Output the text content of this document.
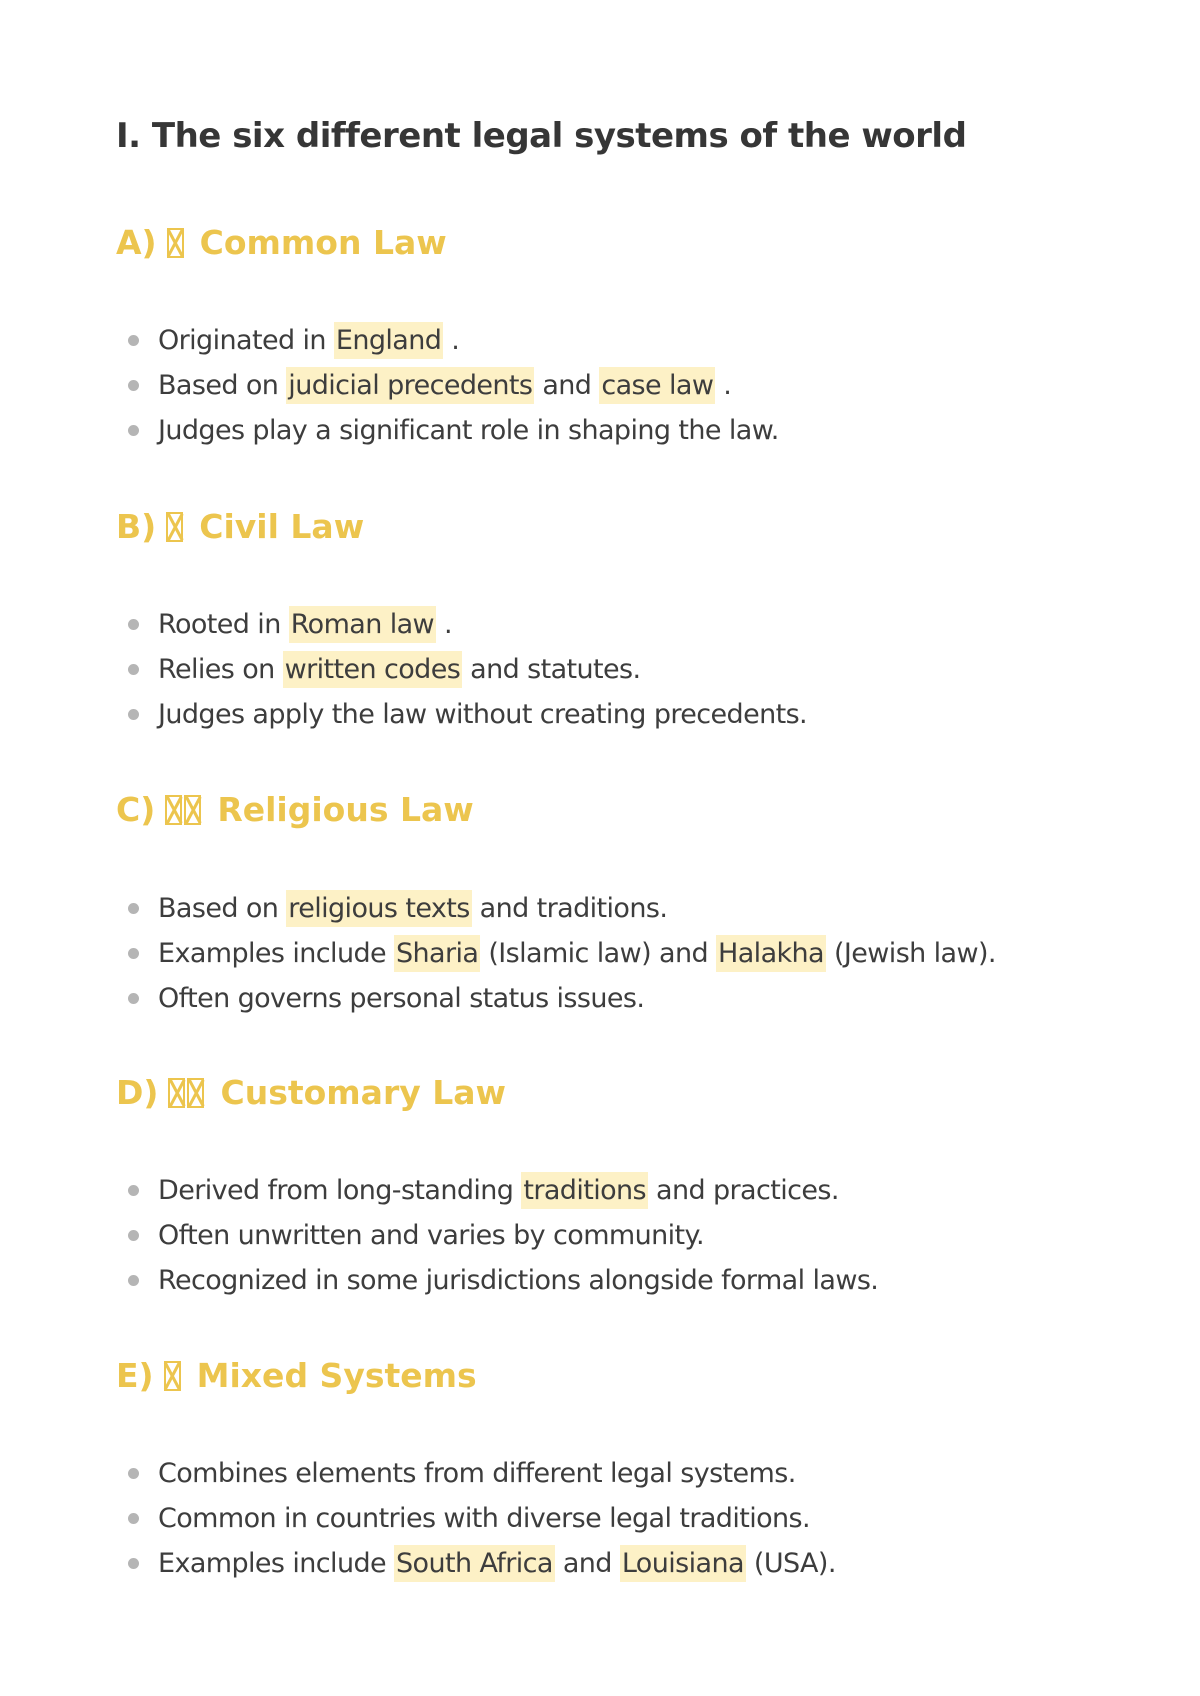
I. The six different legal systems of the world
A) Common Law
Originated in England .
Based on judicial precedents and case law .
Judges play a significant role in shaping the law.
B) Civil Law
Rooted in Roman law .
Relies on written codes and statutes.
Judges apply the law without creating precedents.
C) Religious Law
Based on religious texts and traditions.
Examples include Sharia (Islamic law) and Halakha (Jewish law).
Often governs personal status issues.
D) Customary Law
Derived from long-standing traditions and practices.
Often unwritten and varies by community.
Recognized in some jurisdictions alongside formal laws.
E) Mixed Systems
Combines elements from different legal systems.
Common in countries with diverse legal traditions.
Examples include South Africa and Louisiana (USA).
